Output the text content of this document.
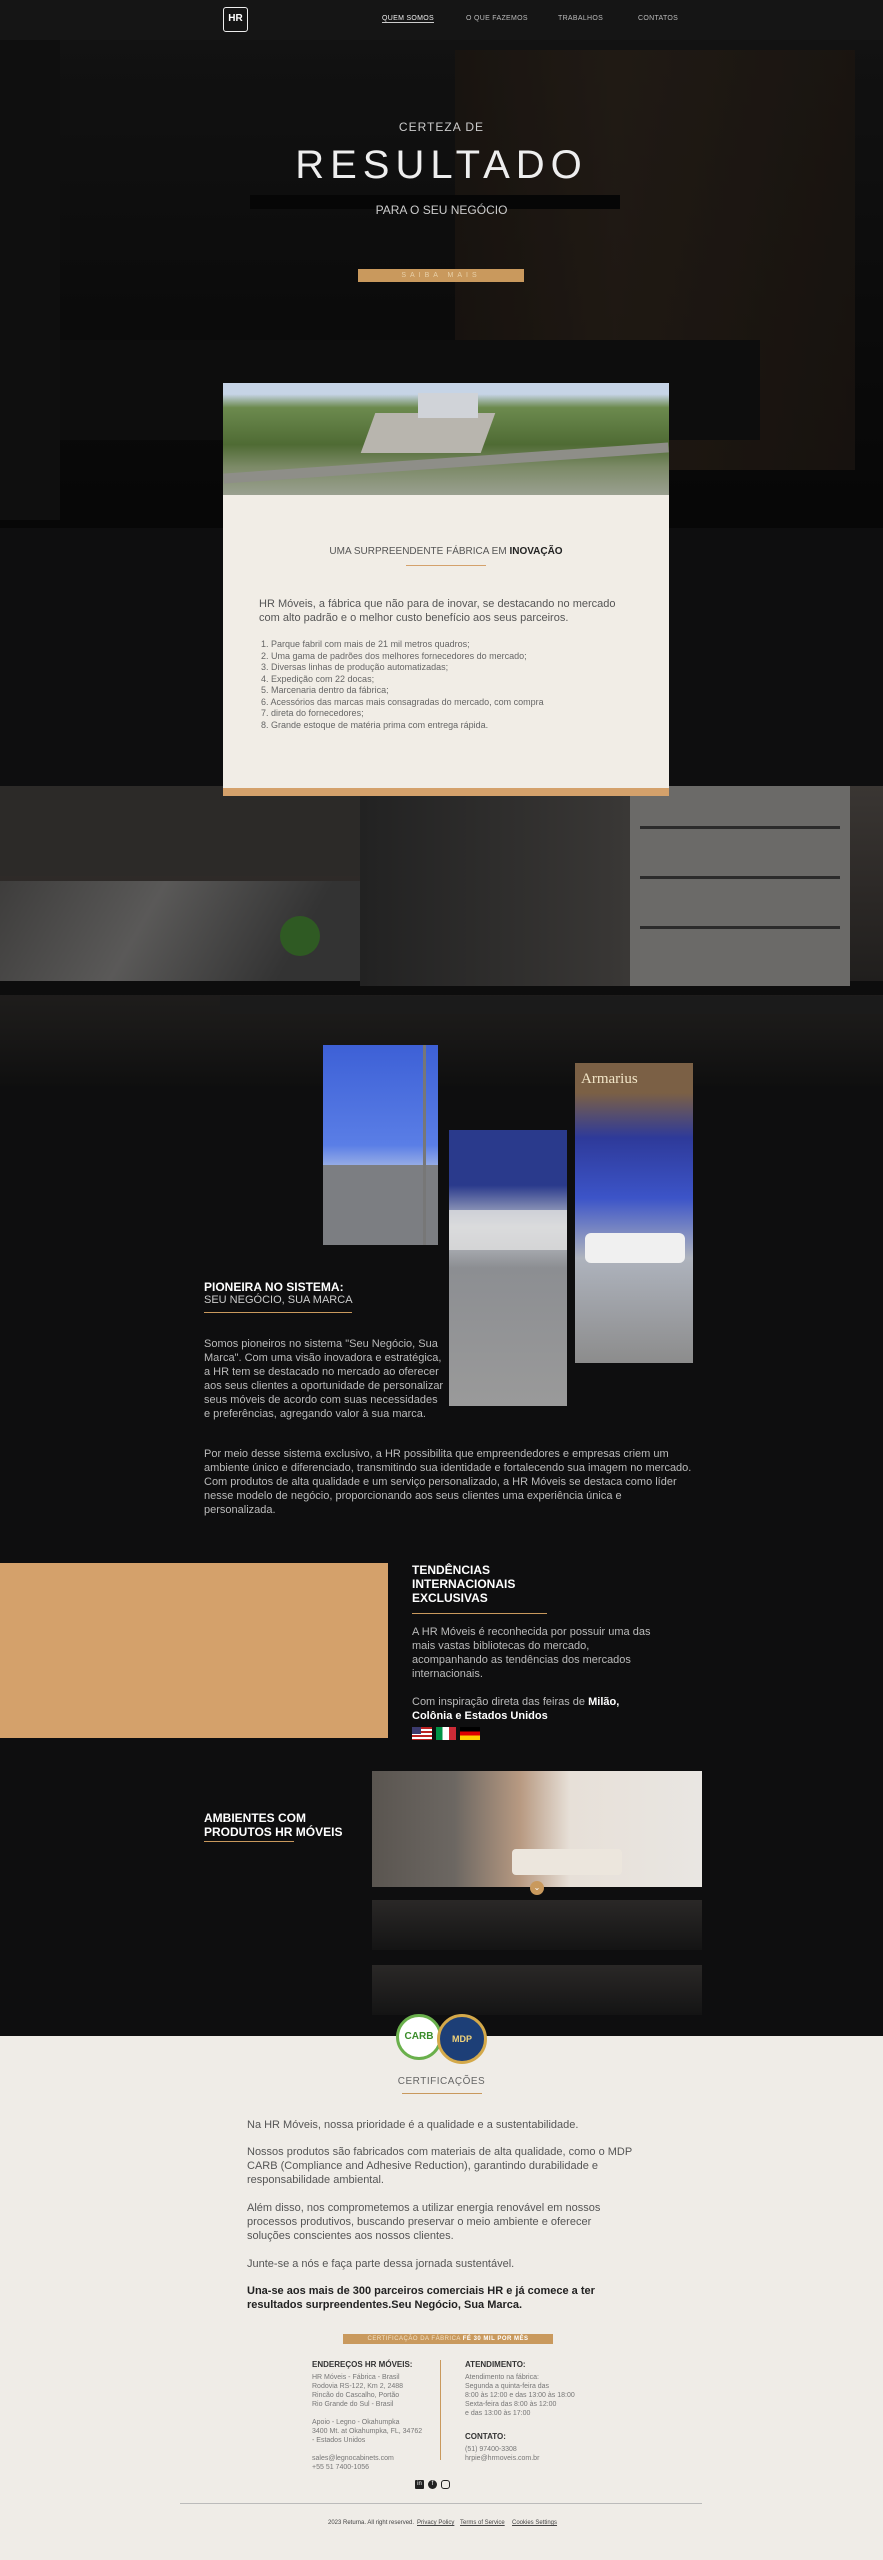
HR	QUEM SOMOS	O QUE FAZEMOS	TRABALHOS	CONTATOS
CERTEZA DE
RESULTADO
PARA O SEU NEGÓCIO
SAIBA MAIS
UMA SURPREENDENTE FÁBRICA EM INOVAÇÃO

HR Móveis, a fábrica que não para de inovar, se destacando no mercado com alto padrão e o melhor custo benefício aos seus parceiros.

1. Parque fabril com mais de 21 mil metros quadros;
2. Uma gama de padrões dos melhores fornecedores do mercado;
3. Diversas linhas de produção automatizadas;
4. Expedição com 22 docas;
5. Marcenaria dentro da fábrica;
6. Acessórios das marcas mais consagradas do mercado, com compra
7. direta do fornecedores;
8. Grande estoque de matéria prima com entrega rápida.
Armarius
PIONEIRA NO SISTEMA:
SEU NEGÓCIO, SUA MARCA

Somos pioneiros no sistema "Seu Negócio, Sua Marca". Com uma visão inovadora e estratégica, a HR tem se destacado no mercado ao oferecer aos seus clientes a oportunidade de personalizar seus móveis de acordo com suas necessidades e preferências, agregando valor à sua marca.

Por meio desse sistema exclusivo, a HR possibilita que empreendedores e empresas criem um ambiente único e diferenciado, transmitindo sua identidade e fortalecendo sua imagem no mercado. Com produtos de alta qualidade e um serviço personalizado, a HR Móveis se destaca como líder nesse modelo de negócio, proporcionando aos seus clientes uma experiência única e personalizada.

TENDÊNCIAS INTERNACIONAIS EXCLUSIVAS

A HR Móveis é reconhecida por possuir uma das mais vastas bibliotecas do mercado, acompanhando as tendências dos mercados internacionais.

Com inspiração direta das feiras de Milão, Colônia e Estados Unidos

AMBIENTES COM PRODUTOS HR MÓVEIS
⌄
CARB	MDP
CERTIFICAÇÕES

Na HR Móveis, nossa prioridade é a qualidade e a sustentabilidade.

Nossos produtos são fabricados com materiais de alta qualidade, como o MDP CARB (Compliance and Adhesive Reduction), garantindo durabilidade e responsabilidade ambiental.

Além disso, nos comprometemos a utilizar energia renovável em nossos processos produtivos, buscando preservar o meio ambiente e oferecer soluções conscientes aos nossos clientes.

Junte-se a nós e faça parte dessa jornada sustentável.

Una-se aos mais de 300 parceiros comerciais HR e já comece a ter resultados surpreendentes.Seu Negócio, Sua Marca.

CERTIFICAÇÃO DA FÁBRICA FÉ 30 MIL POR MÊS
ENDEREÇOS HR MÓVEIS:
HR Móveis - Fábrica - Brasil
Rodovia RS-122, Km 2, 2488
Rincão do Cascalho, Portão
Rio Grande do Sul - Brasil
Apoio - Legno - Okahumpka
3400 Mt. at Okahumpka, FL, 34762
- Estados Unidos
sales@legnocabinets.com
+55 51 7400-1056
ATENDIMENTO:
Atendimento na fábrica:
Segunda a quinta-feira das
8:00 às 12:00 e das 13:00 às 18:00
Sexta-feira das 8:00 às 12:00
e das 13:00 às 17:00
CONTATO:
(51) 97400-3308
hrpie@hrmoveis.com.br
in	f
2023 Returna. All right reserved. Privacy Policy Terms of Service Cookies Settings
